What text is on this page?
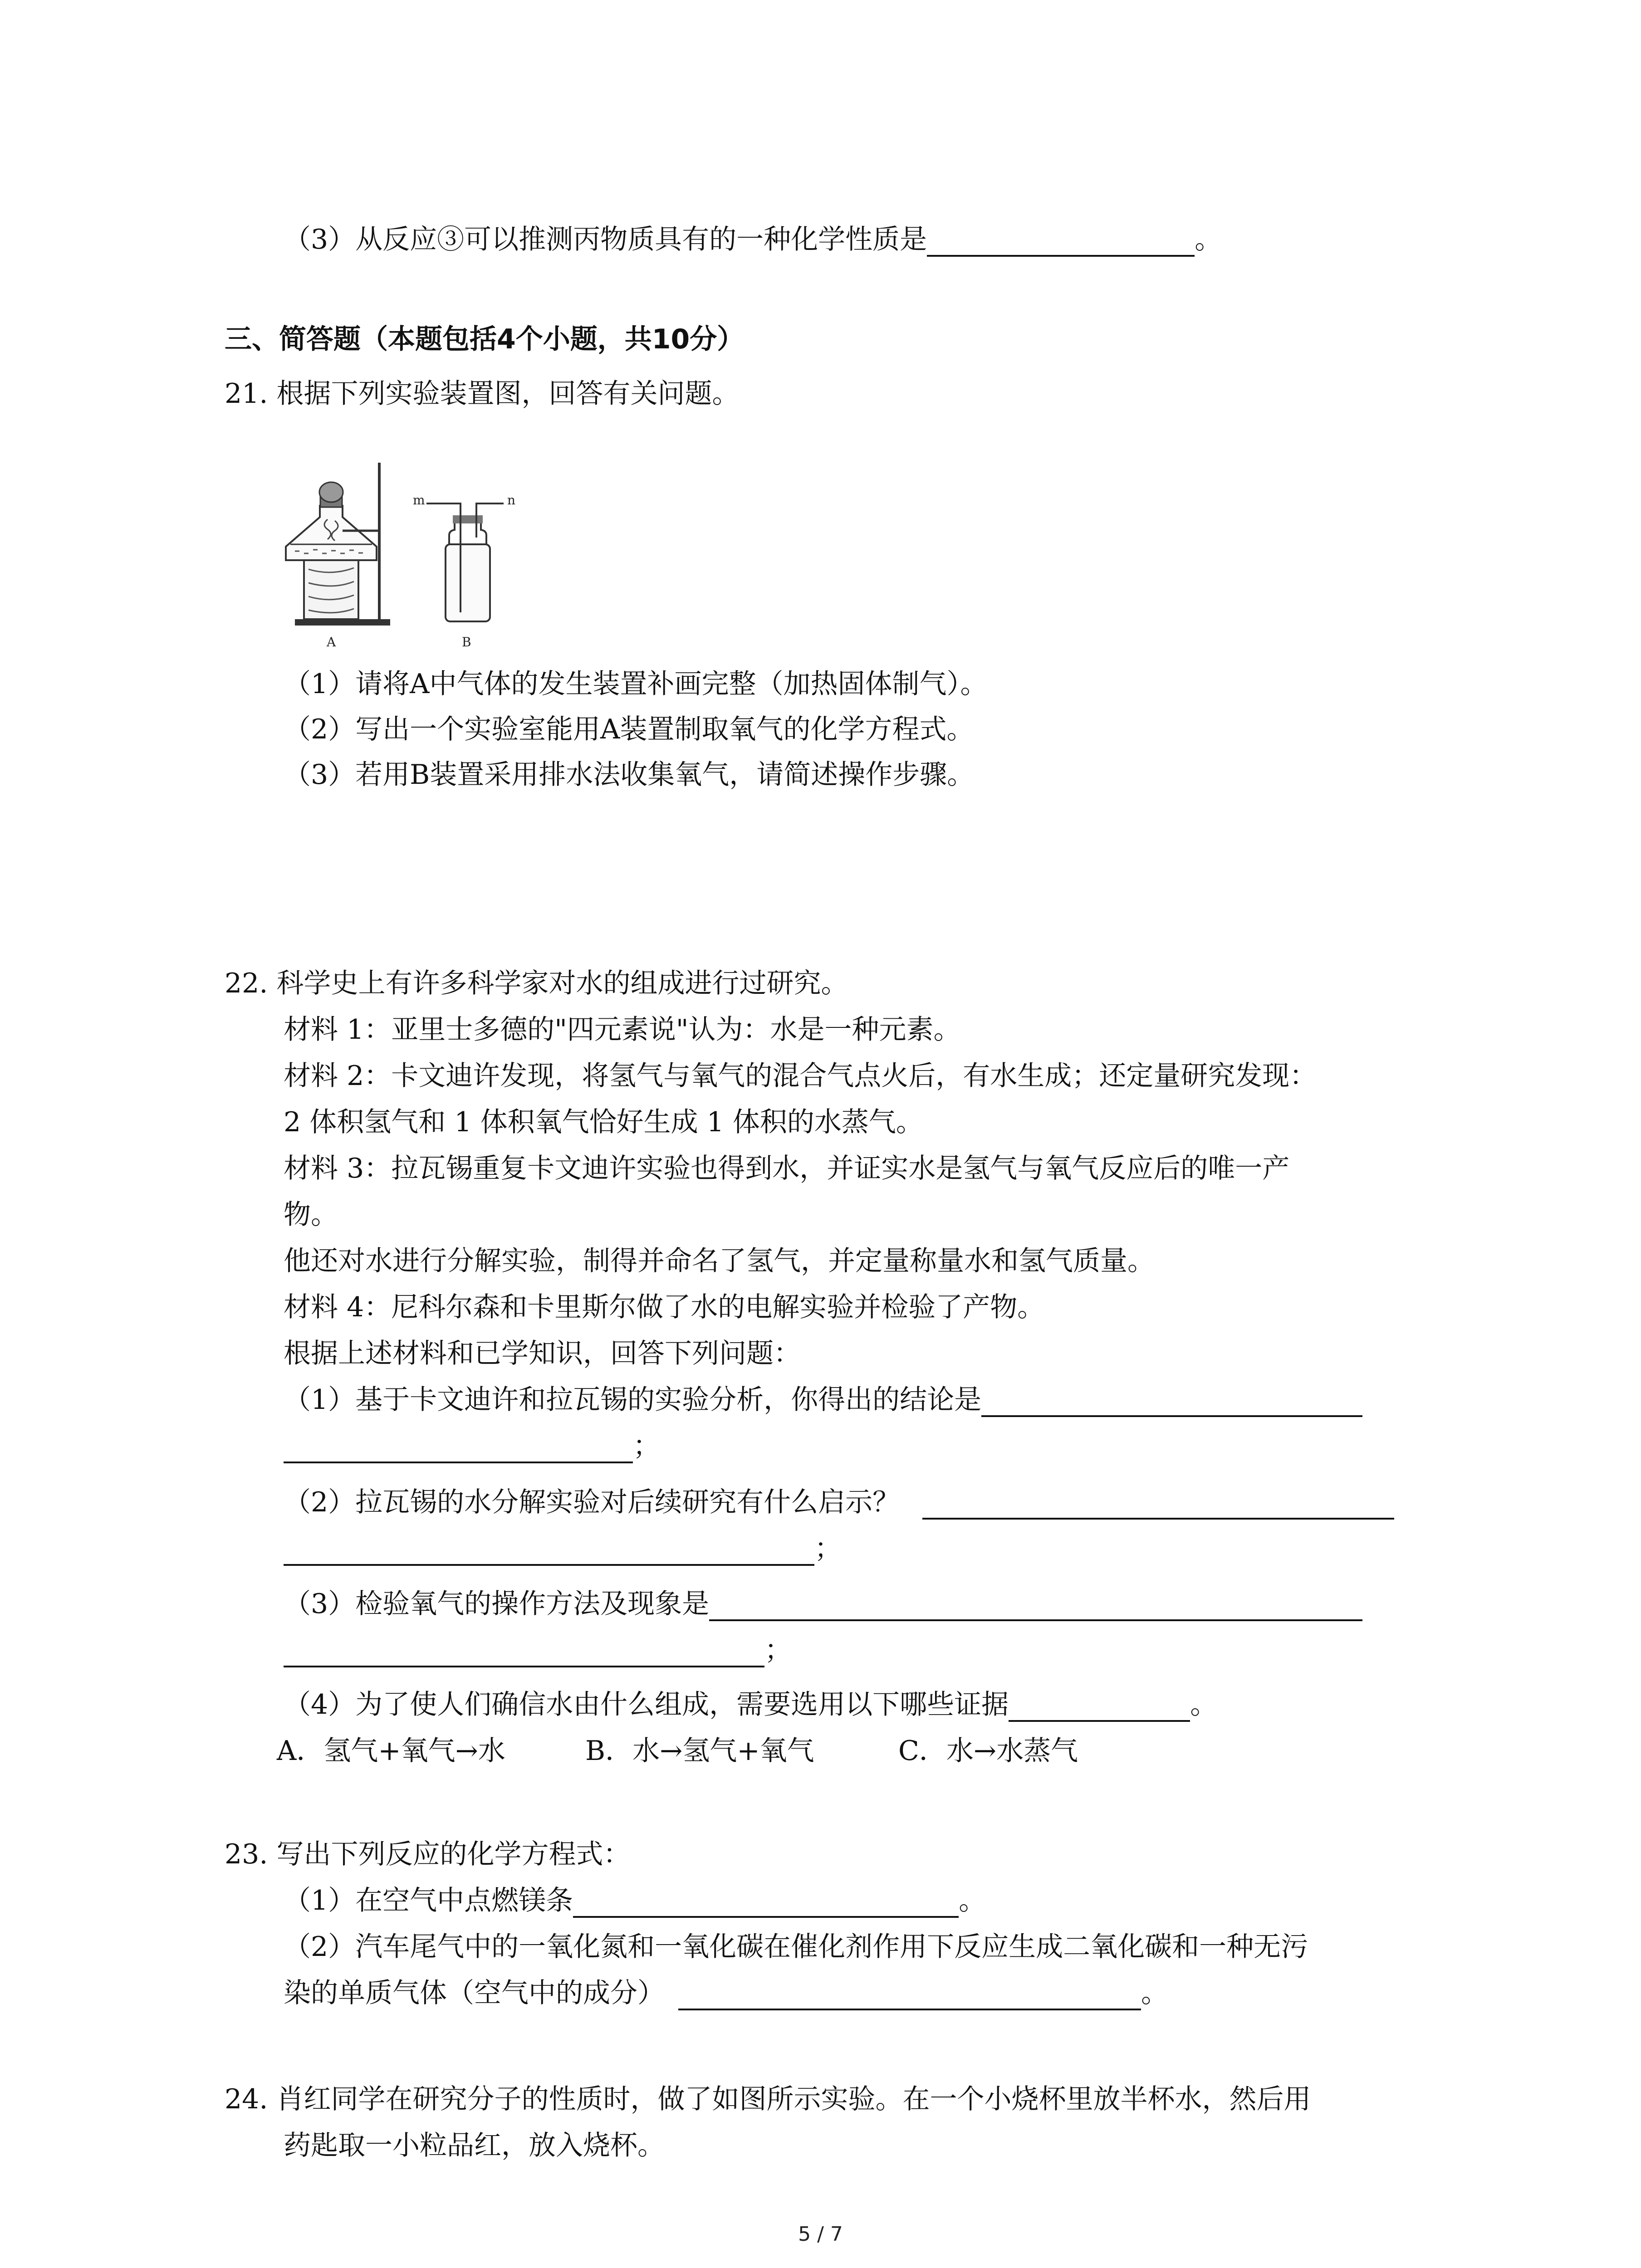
（3）从反应③可以推测丙物质具有的一种化学性质是	。
三、简答题（本题包括4个小题，共10分）
21. 根据下列实验装置图，回答有关问题。
m	n
A	B
（1）请将A中气体的发生装置补画完整（加热固体制气）。
（2）写出一个实验室能用A装置制取氧气的化学方程式。
（3）若用B装置采用排水法收集氧气，请简述操作步骤。
22. 科学史上有许多科学家对水的组成进行过研究。
材料 1：亚里士多德的"四元素说"认为：水是一种元素。
材料 2：卡文迪许发现，将氢气与氧气的混合气点火后，有水生成；还定量研究发现：
2 体积氢气和 1 体积氧气恰好生成 1 体积的水蒸气。
材料 3：拉瓦锡重复卡文迪许实验也得到水，并证实水是氢气与氧气反应后的唯一产
物。
他还对水进行分解实验，制得并命名了氢气，并定量称量水和氢气质量。
材料 4：尼科尔森和卡里斯尔做了水的电解实验并检验了产物。
根据上述材料和已学知识，回答下列问题：
（1）基于卡文迪许和拉瓦锡的实验分析，你得出的结论是
；
（2）拉瓦锡的水分解实验对后续研究有什么启示？
；
（3）检验氧气的操作方法及现象是
；
（4）为了使人们确信水由什么组成，需要选用以下哪些证据	。
A．氢气+氧气→水	B．水→氢气+氧气	C．水→水蒸气
23. 写出下列反应的化学方程式：
（1）在空气中点燃镁条	。
（2）汽车尾气中的一氧化氮和一氧化碳在催化剂作用下反应生成二氧化碳和一种无污
染的单质气体（空气中的成分）	。
24. 肖红同学在研究分子的性质时，做了如图所示实验。在一个小烧杯里放半杯水，然后用
药匙取一小粒品红，放入烧杯。
5 / 7
